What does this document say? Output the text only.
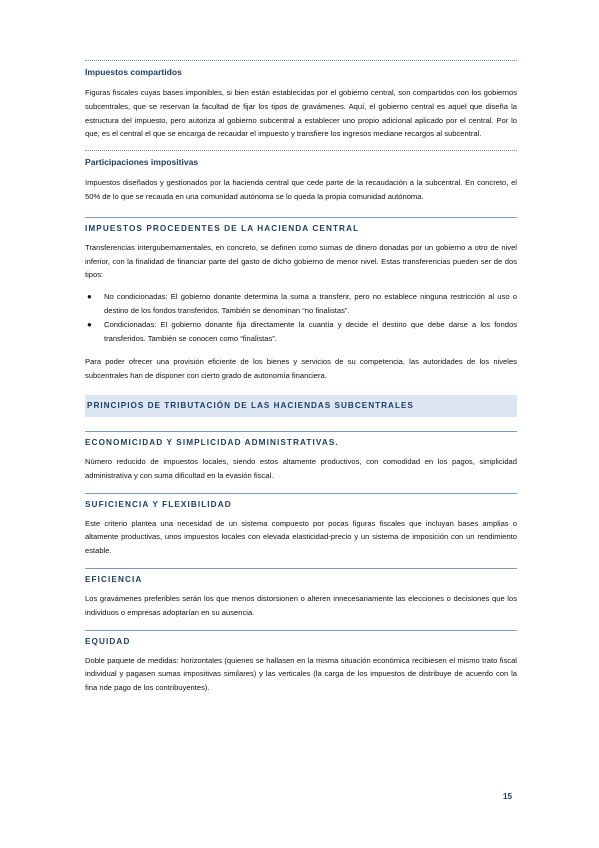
Impuestos compartidos

Figuras fiscales cuyas bases imponibles, si bien están establecidas por el gobierno central, son compartidos con los gobiernos subcentrales, que se reservan la facultad de fijar los tipos de gravámenes. Aquí, el gobierno central es aquel que diseña la estructura del impuesto, pero autoriza al gobierno subcentral a establecer uno propio adicional aplicado por el central. Por lo que, es el central el que se encarga de recaudar el impuesto y transfiere los ingresos mediane recargos al subcentral.

Participaciones impositivas

Impuestos diseñados y gestionados por la hacienda central que cede parte de la recaudación a la subcentral. En concreto, el 50% de lo que se recauda en una comunidad autónoma se lo queda la propia comunidad autónoma.

IMPUESTOS PROCEDENTES DE LA HACIENDA CENTRAL

Transferencias intergubernamentales, en concreto, se definen como sumas de dinero donadas por un gobierno a otro de nivel inferior, con la finalidad de financiar parte del gasto de dicho gobierno de menor nivel. Estas transferencias pueden ser de dos tipos:

● No condicionadas: El gobierno donante determina la suma a transferir, pero no establece ninguna restricción al uso o destino de los fondos transferidos. También se denominan “no finalistas”.
● Condicionadas: El gobierno donante fija directamente la cuantía y decide el destino que debe darse a los fondos transferidos. También se conocen como “finalistas”.

Para poder ofrecer una provisión eficiente de los bienes y servicios de su competencia, las autoridades de los niveles subcentrales han de disponer con cierto grado de autonomía financiera.

PRINCIPIOS DE TRIBUTACIÓN DE LAS HACIENDAS SUBCENTRALES
ECONOMICIDAD Y SIMPLICIDAD ADMINISTRATIVAS.

Número reducido de impuestos locales, siendo estos altamente productivos, con comodidad en los pagos, simplicidad administrativa y con suma dificultad en la evasión fiscal.

SUFICIENCIA Y FLEXIBILIDAD

Este criterio plantea una necesidad de un sistema compuesto por pocas figuras fiscales que incluyan bases amplias o altamente productivas, unos impuestos locales con elevada elasticidad-precio y un sistema de imposición con un rendimiento estable.

EFICIENCIA

Los gravámenes preferibles serán los que menos distorsionen o alteren innecesariamente las elecciones o decisiones que los individuos o empresas adoptarían en su ausencia.

EQUIDAD

Doble paquete de medidas: horizontales (quienes se hallasen en la misma situación económica recibiesen el mismo trato fiscal individual y pagasen sumas impositivas similares) y las verticales (la carga de los impuestos de distribuye de acuerdo con la fina nde pago de los contribuyentes).

15
